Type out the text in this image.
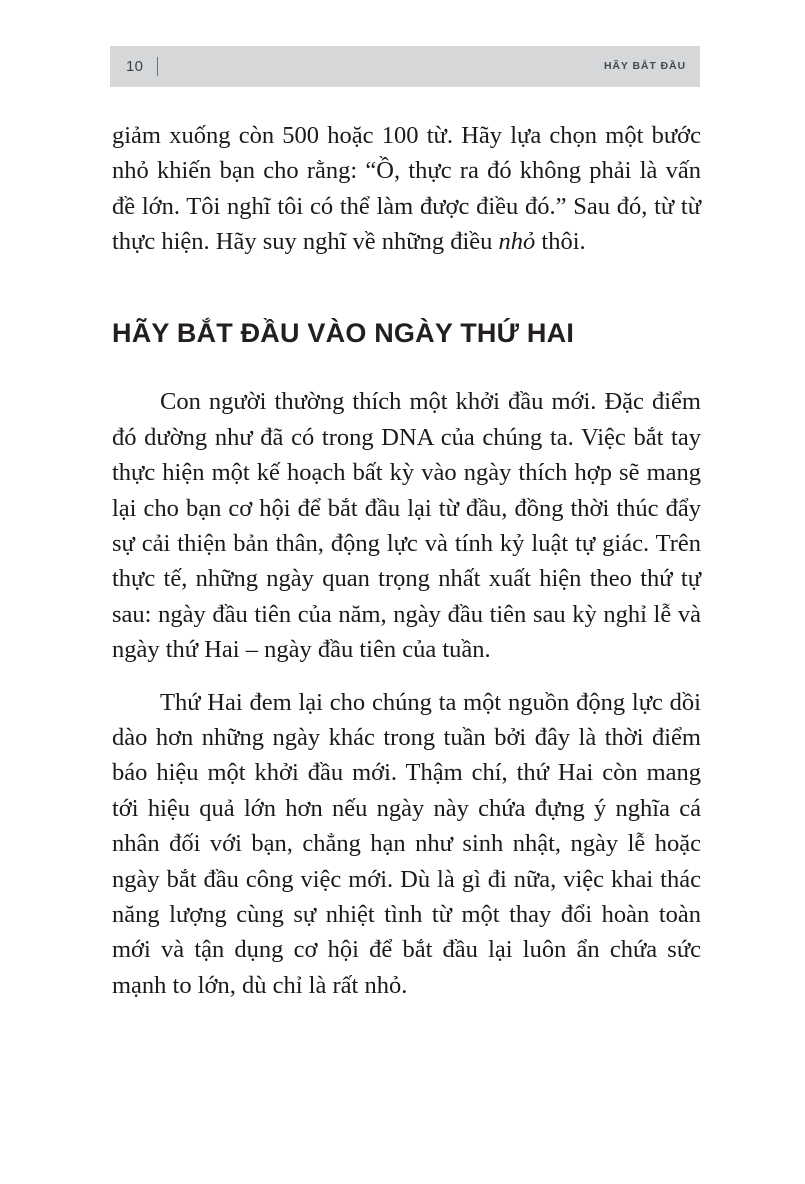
10	HÃY BẮT ĐẦU

giảm xuống còn 500 hoặc 100 từ. Hãy lựa chọn một bước nhỏ khiến bạn cho rằng: “Ồ, thực ra đó không phải là vấn đề lớn. Tôi nghĩ tôi có thể làm được điều đó.” Sau đó, từ từ thực hiện. Hãy suy nghĩ về những điều nhỏ thôi.

HÃY BẮT ĐẦU VÀO NGÀY THỨ HAI

Con người thường thích một khởi đầu mới. Đặc điểm đó dường như đã có trong DNA của chúng ta. Việc bắt tay thực hiện một kế hoạch bất kỳ vào ngày thích hợp sẽ mang lại cho bạn cơ hội để bắt đầu lại từ đầu, đồng thời thúc đẩy sự cải thiện bản thân, động lực và tính kỷ luật tự giác. Trên thực tế, những ngày quan trọng nhất xuất hiện theo thứ tự sau: ngày đầu tiên của năm, ngày đầu tiên sau kỳ nghỉ lễ và ngày thứ Hai – ngày đầu tiên của tuần.

Thứ Hai đem lại cho chúng ta một nguồn động lực dồi dào hơn những ngày khác trong tuần bởi đây là thời điểm báo hiệu một khởi đầu mới. Thậm chí, thứ Hai còn mang tới hiệu quả lớn hơn nếu ngày này chứa đựng ý nghĩa cá nhân đối với bạn, chẳng hạn như sinh nhật, ngày lễ hoặc ngày bắt đầu công việc mới. Dù là gì đi nữa, việc khai thác năng lượng cùng sự nhiệt tình từ một thay đổi hoàn toàn mới và tận dụng cơ hội để bắt đầu lại luôn ẩn chứa sức mạnh to lớn, dù chỉ là rất nhỏ.
